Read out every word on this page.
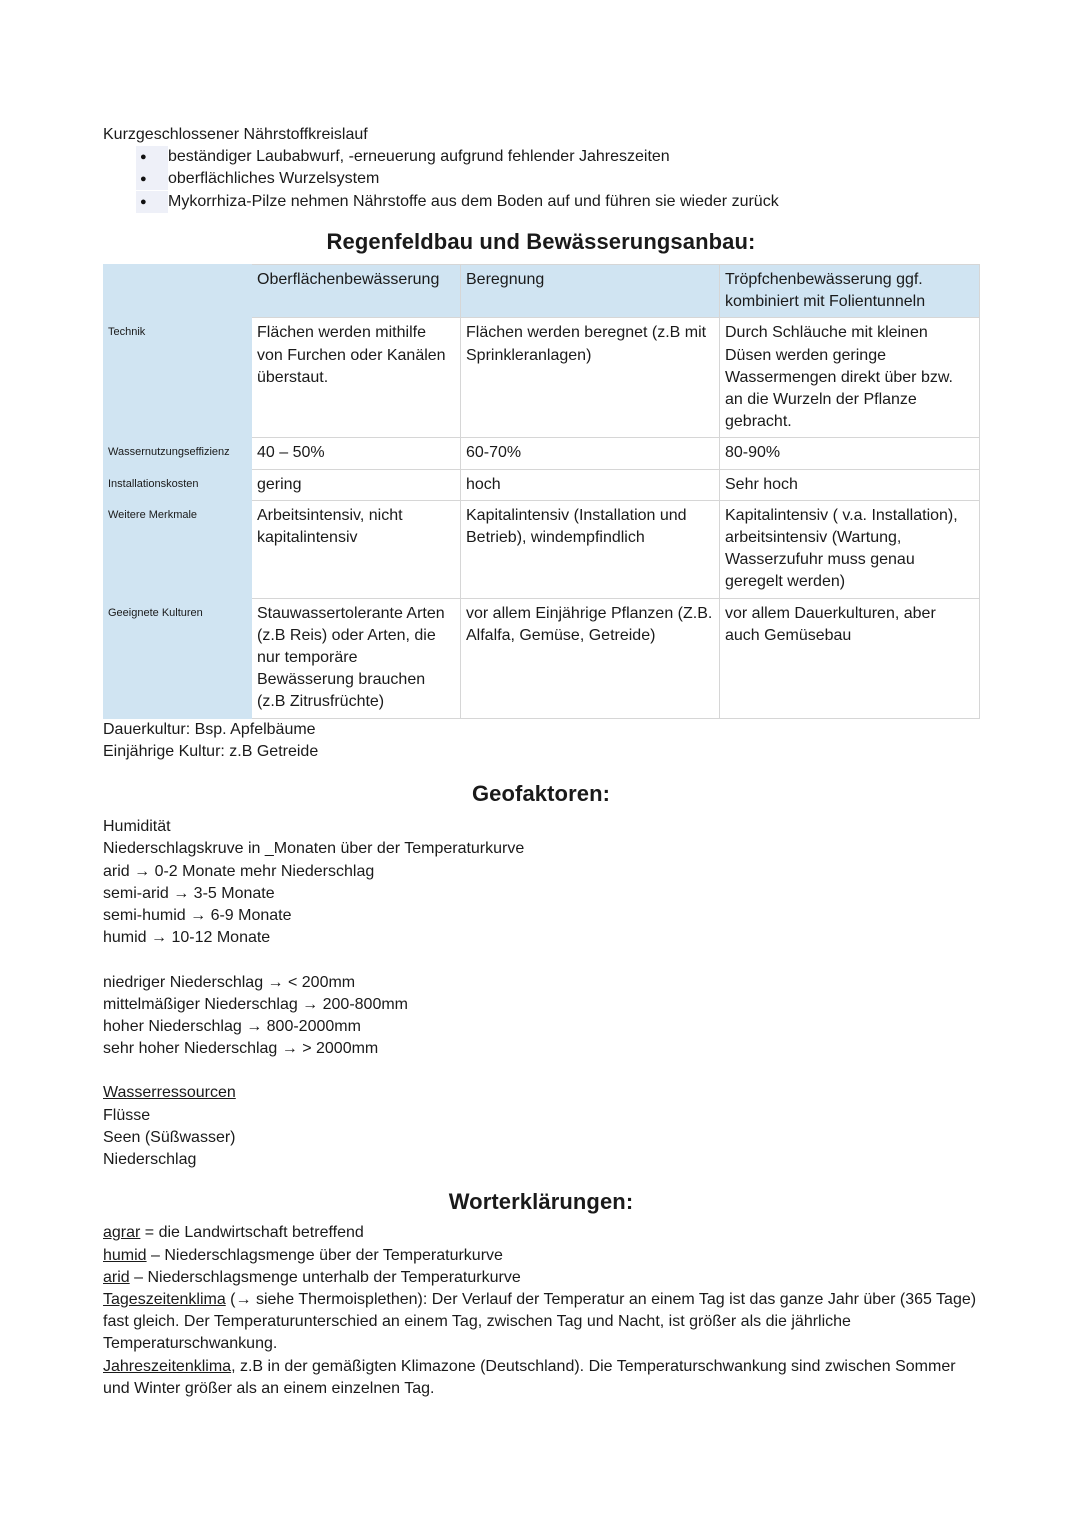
Kurzgeschlossener Nährstoffkreislauf

●
beständiger Laubabwurf, -erneuerung aufgrund fehlender Jahreszeiten
●
oberflächliches Wurzelsystem
●
Mykorrhiza-Pilze nehmen Nährstoffe aus dem Boden auf und führen sie wieder zurück
Regenfeldbau und Bewässerungsanbau:
	Oberflächenbewässerung	Beregnung	Tröpfchenbewässerung ggf. kombiniert mit Folientunneln
Technik	Flächen werden mithilfe von Furchen oder Kanälen überstaut.	Flächen werden beregnet (z.B mit Sprinkleranlagen)	Durch Schläuche mit kleinen Düsen werden geringe Wassermengen direkt über bzw. an die Wurzeln der Pflanze gebracht.
Wassernutzungseffizienz	40 – 50%	60-70%	80-90%
Installationskosten	gering	hoch	Sehr hoch
Weitere Merkmale	Arbeitsintensiv, nicht kapitalintensiv	Kapitalintensiv (Installation und Betrieb), windempfindlich	Kapitalintensiv ( v.a. Installation), arbeitsintensiv (Wartung, Wasserzufuhr muss genau geregelt werden)
Geeignete Kulturen	Stauwassertolerante Arten (z.B Reis) oder Arten, die nur temporäre Bewässerung brauchen (z.B Zitrusfrüchte)	vor allem Einjährige Pflanzen (Z.B. Alfalfa, Gemüse, Getreide)	vor allem Dauerkulturen, aber auch Gemüsebau

Dauerkultur: Bsp. Apfelbäume

Einjährige Kultur: z.B Getreide

Geofaktoren:

Humidität

Niederschlagskruve in _Monaten über der Temperaturkurve

arid → 0-2 Monate mehr Niederschlag

semi-arid → 3-5 Monate

semi-humid → 6-9 Monate

humid → 10-12 Monate

niedriger Niederschlag → < 200mm

mittelmäßiger Niederschlag → 200-800mm

hoher Niederschlag → 800-2000mm

sehr hoher Niederschlag → > 2000mm

Wasserressourcen

Flüsse

Seen (Süßwasser)

Niederschlag

Worterklärungen:

agrar = die Landwirtschaft betreffend

humid – Niederschlagsmenge über der Temperaturkurve

arid – Niederschlagsmenge unterhalb der Temperaturkurve

Tageszeitenklima (→ siehe Thermoisplethen): Der Verlauf der Temperatur an einem Tag ist das ganze Jahr über (365 Tage) fast gleich. Der Temperaturunterschied an einem Tag, zwischen Tag und Nacht, ist größer als die jährliche Temperaturschwankung.

Jahreszeitenklima, z.B in der gemäßigten Klimazone (Deutschland). Die Temperaturschwankung sind zwischen Sommer und Winter größer als an einem einzelnen Tag.
